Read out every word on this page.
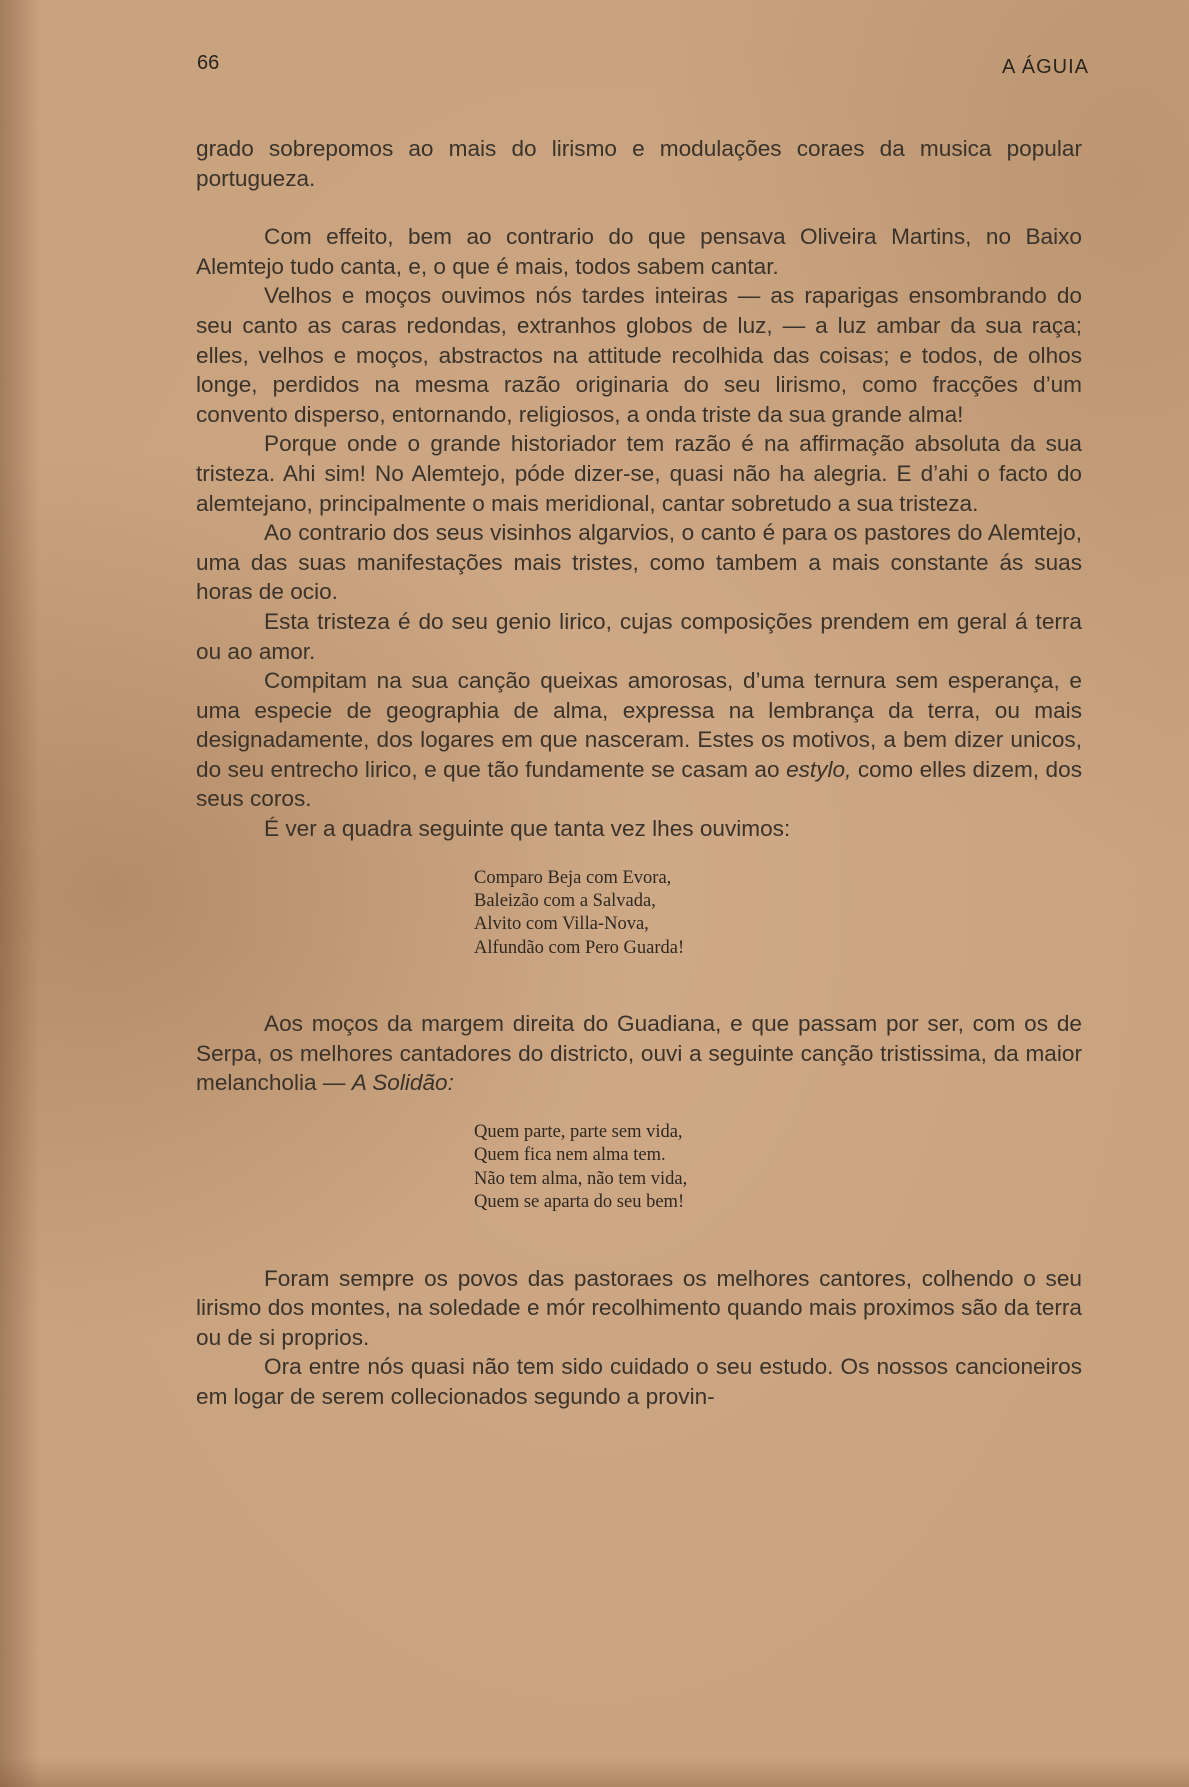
66	A ÁGUIA

grado sobrepomos ao mais do lirismo e modulações coraes da musica popular portugueza.

Com effeito, bem ao contrario do que pensava Oliveira Martins, no Baixo Alemtejo tudo canta, e, o que é mais, todos sabem cantar.

Velhos e moços ouvimos nós tardes inteiras — as raparigas ensombrando do seu canto as caras redondas, extranhos globos de luz, — a luz ambar da sua raça; elles, velhos e moços, abstractos na attitude recolhida das coisas; e todos, de olhos longe, perdidos na mesma razão originaria do seu lirismo, como fracções d’um convento disperso, entornando, religiosos, a onda triste da sua grande alma!

Porque onde o grande historiador tem razão é na affirmação absoluta da sua tristeza. Ahi sim! No Alemtejo, póde dizer-se, quasi não ha alegria. E d’ahi o facto do alemtejano, principalmente o mais meridional, cantar sobretudo a sua tristeza.

Ao contrario dos seus visinhos algarvios, o canto é para os pastores do Alemtejo, uma das suas manifestações mais tristes, como tambem a mais constante ás suas horas de ocio.

Esta tristeza é do seu genio lirico, cujas composições prendem em geral á terra ou ao amor.

Compitam na sua canção queixas amorosas, d’uma ternura sem esperança, e uma especie de geographia de alma, expressa na lembrança da terra, ou mais designadamente, dos logares em que nasceram. Estes os motivos, a bem dizer unicos, do seu entrecho lirico, e que tão fundamente se casam ao estylo, como elles dizem, dos seus coros.

É ver a quadra seguinte que tanta vez lhes ouvimos:

Comparo Beja com Evora,
Baleizão com a Salvada,
Alvito com Villa-Nova,
Alfundão com Pero Guarda!

Aos moços da margem direita do Guadiana, e que passam por ser, com os de Serpa, os melhores cantadores do districto, ouvi a seguinte canção tristissima, da maior melancholia — A Solidão:

Quem parte, parte sem vida,
Quem fica nem alma tem.
Não tem alma, não tem vida,
Quem se aparta do seu bem!

Foram sempre os povos das pastoraes os melhores cantores, colhendo o seu lirismo dos montes, na soledade e mór recolhimento quando mais proximos são da terra ou de si proprios.

Ora entre nós quasi não tem sido cuidado o seu estudo. Os nossos cancioneiros em logar de serem collecionados segundo a provin-
